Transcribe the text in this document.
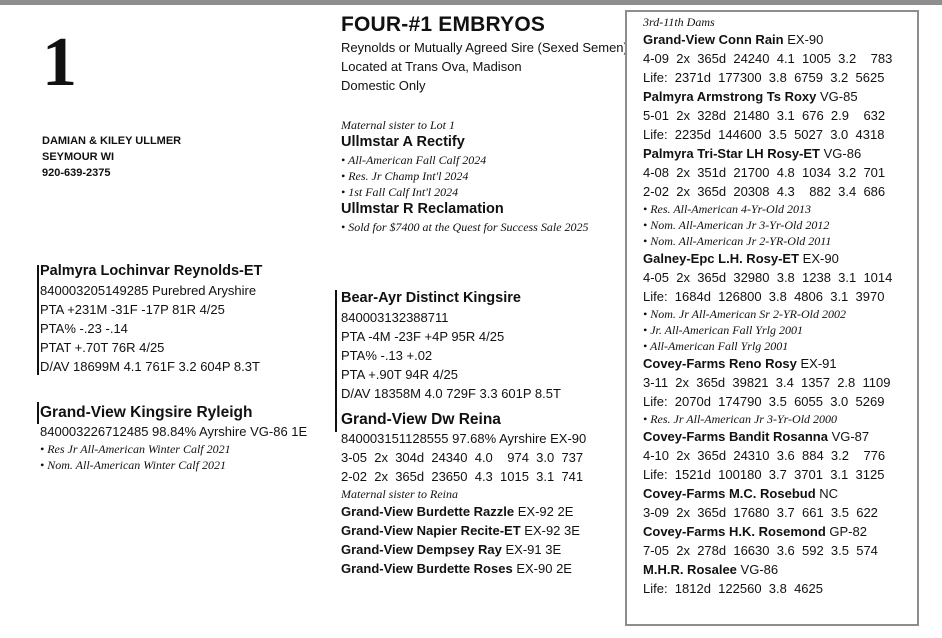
1
DAMIAN & KILEY ULLMER
SEYMOUR WI
920-639-2375
FOUR-#1 EMBRYOS
Reynolds or Mutually Agreed Sire (Sexed Semen)
Located at Trans Ova, Madison
Domestic Only
Maternal sister to Lot 1
Ullmstar A Rectify
• All-American Fall Calf 2024
• Res. Jr Champ Int'l 2024
• 1st Fall Calf Int'l 2024
Ullmstar R Reclamation
• Sold for $7400 at the Quest for Success Sale 2025
Palmyra Lochinvar Reynolds-ET
840003205149285 Purebred Aryshire
PTA +231M -31F -17P 81R 4/25
PTA% -.23 -.14
PTAT +.70T 76R 4/25
D/AV 18699M 4.1 761F 3.2 604P 8.3T
Grand-View Kingsire Ryleigh
840003226712485 98.84% Ayrshire VG-86 1E
• Res Jr All-American Winter Calf 2021
• Nom. All-American Winter Calf 2021
Bear-Ayr Distinct Kingsire
840003132388711
PTA -4M -23F +4P 95R 4/25
PTA% -.13 +.02
PTA +.90T 94R 4/25
D/AV 18358M 4.0 729F 3.3 601P 8.5T
Grand-View Dw Reina
840003151128555 97.68% Ayrshire EX-90
3-05  2x  304d  24340  4.0    974  3.0  737
2-02  2x  365d  23650  4.3  1015  3.1  741
Maternal sister to Reina
Grand-View Burdette Razzle EX-92 2E
Grand-View Napier Recite-ET EX-92 3E
Grand-View Dempsey Ray EX-91 3E
Grand-View Burdette Roses EX-90 2E
3rd-11th Dams
Grand-View Conn Rain EX-90
4-09  2x  365d  24240  4.1  1005  3.2    783
Life:  2371d  177300  3.8  6759  3.2  5625
Palmyra Armstrong Ts Roxy VG-85
5-01  2x  328d  21480  3.1  676  2.9    632
Life:  2235d  144600  3.5  5027  3.0  4318
Palmyra Tri-Star LH Rosy-ET VG-86
4-08  2x  351d  21700  4.8  1034  3.2  701
2-02  2x  365d  20308  4.3    882  3.4  686
• Res. All-American 4-Yr-Old 2013
• Nom. All-American Jr 3-Yr-Old 2012
• Nom. All-American Jr 2-YR-Old 2011
Galney-Epc L.H. Rosy-ET EX-90
4-05  2x  365d  32980  3.8  1238  3.1  1014
Life:  1684d  126800  3.8  4806  3.1  3970
• Nom. Jr All-American Sr 2-YR-Old 2002
• Jr. All-American Fall Yrlg 2001
• All-American Fall Yrlg 2001
Covey-Farms Reno Rosy EX-91
3-11  2x  365d  39821  3.4  1357  2.8  1109
Life:  2070d  174790  3.5  6055  3.0  5269
• Res. Jr All-American Jr 3-Yr-Old 2000
Covey-Farms Bandit Rosanna VG-87
4-10  2x  365d  24310  3.6  884  3.2    776
Life:  1521d  100180  3.7  3701  3.1  3125
Covey-Farms M.C. Rosebud NC
3-09  2x  365d  17680  3.7  661  3.5  622
Covey-Farms H.K. Rosemond GP-82
7-05  2x  278d  16630  3.6  592  3.5  574
M.H.R. Rosalee VG-86
Life:  1812d  122560  3.8  4625
